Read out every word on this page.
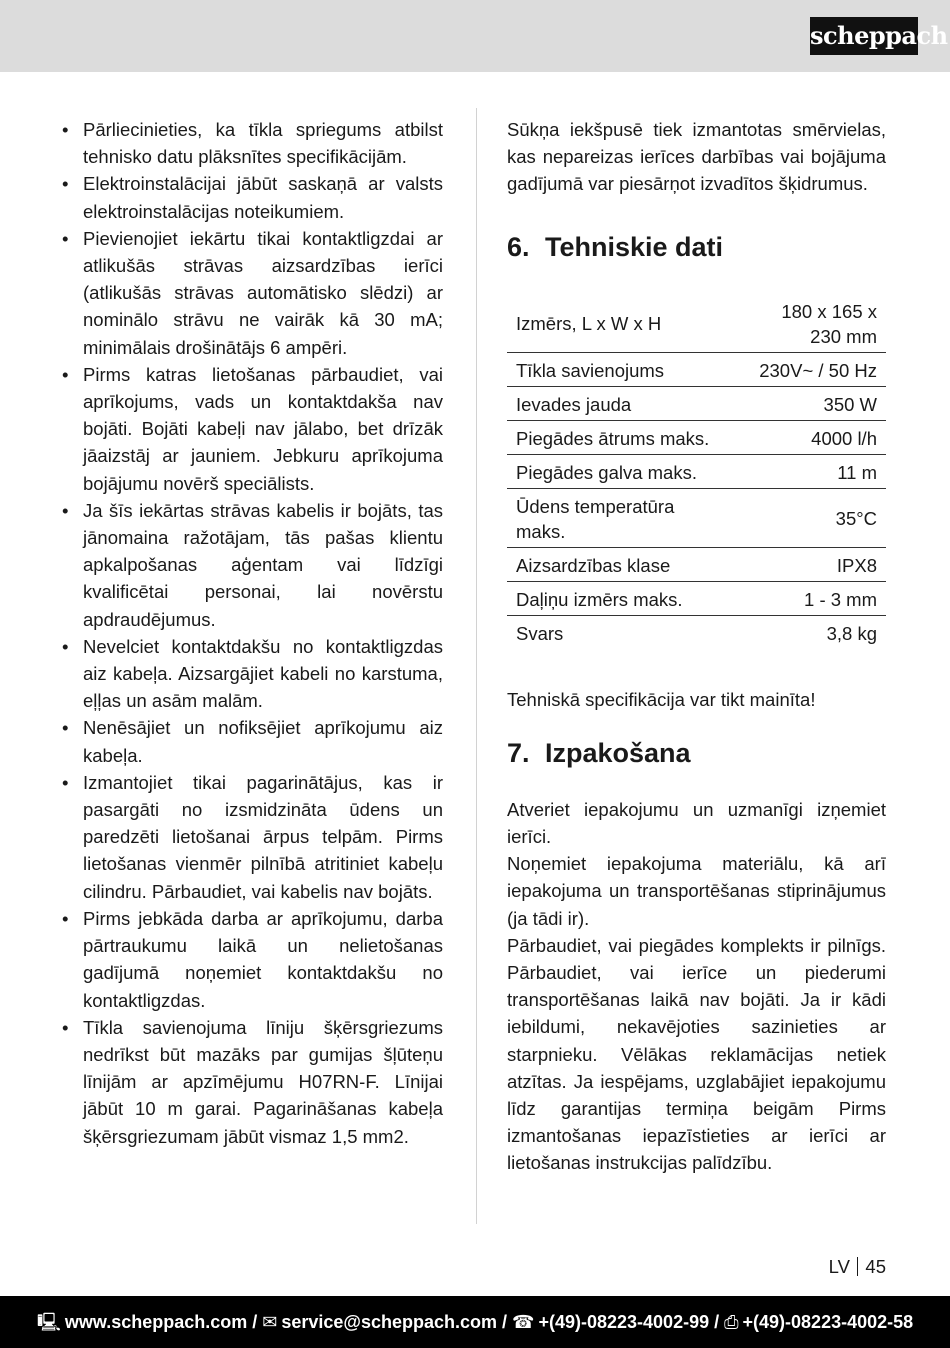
scheppach
• Pārliecinieties, ka tīkla spriegums atbilst tehnisko datu plāksnītes specifikācijām.
• Elektroinstalācijai jābūt saskaņā ar valsts elektroinstalācijas noteikumiem.
• Pievienojiet iekārtu tikai kontaktligzdai ar atlikušās strāvas aizsardzības ierīci (atlikušās strāvas automātisko slēdzi) ar nominālo strāvu ne vairāk kā 30 mA; minimālais drošinātājs 6 ampēri.
• Pirms katras lietošanas pārbaudiet, vai aprīkojums, vads un kontaktdakša nav bojāti. Bojāti kabeļi nav jālabo, bet drīzāk jāaizstāj ar jauniem. Jebkuru aprīkojuma bojājumu novērš speciālists.
• Ja šīs iekārtas strāvas kabelis ir bojāts, tas jānomaina ražotājam, tās pašas klientu apkalpošanas aģentam vai līdzīgi kvalificētai personai, lai novērstu apdraudējumus.
• Nevelciet kontaktdakšu no kontaktligzdas aiz kabeļa. Aizsargājiet kabeli no karstuma, eļļas un asām malām.
• Nenēsājiet un nofiksējiet aprīkojumu aiz kabeļa.
• Izmantojiet tikai pagarinātājus, kas ir pasargāti no izsmidzināta ūdens un paredzēti lietošanai ārpus telpām. Pirms lietošanas vienmēr pilnībā atritiniet kabeļu cilindru. Pārbaudiet, vai kabelis nav bojāts.
• Pirms jebkāda darba ar aprīkojumu, darba pārtraukumu laikā un nelietošanas gadījumā noņemiet kontaktdakšu no kontaktligzdas.
• Tīkla savienojuma līniju šķērsgriezums nedrīkst būt mazāks par gumijas šļūteņu līnijām ar apzīmējumu H07RN-F. Līnijai jābūt 10 m garai. Pagarināšanas kabeļa šķērsgriezumam jābūt vismaz 1,5 mm2.

Sūkņa iekšpusē tiek izmantotas smērvielas, kas nepareizas ierīces darbības vai bojājuma gadījumā var piesārņot izvadītos šķidrumus.

6. Tehniskie dati
Izmērs, L x W x H	180 x 165 x 230 mm
Tīkla savienojums	230V~ / 50 Hz
Ievades jauda	350 W
Piegādes ātrums maks.	4000 l/h
Piegādes galva maks.	11 m
Ūdens temperatūra maks.	35°C
Aizsardzības klase	IPX8
Daļiņu izmērs maks.	1 - 3 mm
Svars	3,8 kg

Tehniskā specifikācija var tikt mainīta!

7. Izpakošana

Atveriet iepakojumu un uzmanīgi izņemiet ierīci.

Noņemiet iepakojuma materiālu, kā arī iepakojuma un transportēšanas stiprinājumus (ja tādi ir).

Pārbaudiet, vai piegādes komplekts ir pilnīgs. Pārbaudiet, vai ierīce un piederumi transportēšanas laikā nav bojāti. Ja ir kādi iebildumi, nekavējoties sazinieties ar starpnieku. Vēlākas reklamācijas netiek atzītas. Ja iespējams, uzglabājiet iepakojumu līdz garantijas termiņa beigām Pirms izmantošanas iepazīstieties ar ierīci ar lietošanas instrukcijas palīdzību.

LV 45
🖳︎ www.scheppach.com / ✉︎ service@scheppach.com / ☎︎ +(49)-08223-4002-99 / ⎙︎ +(49)-08223-4002-58
